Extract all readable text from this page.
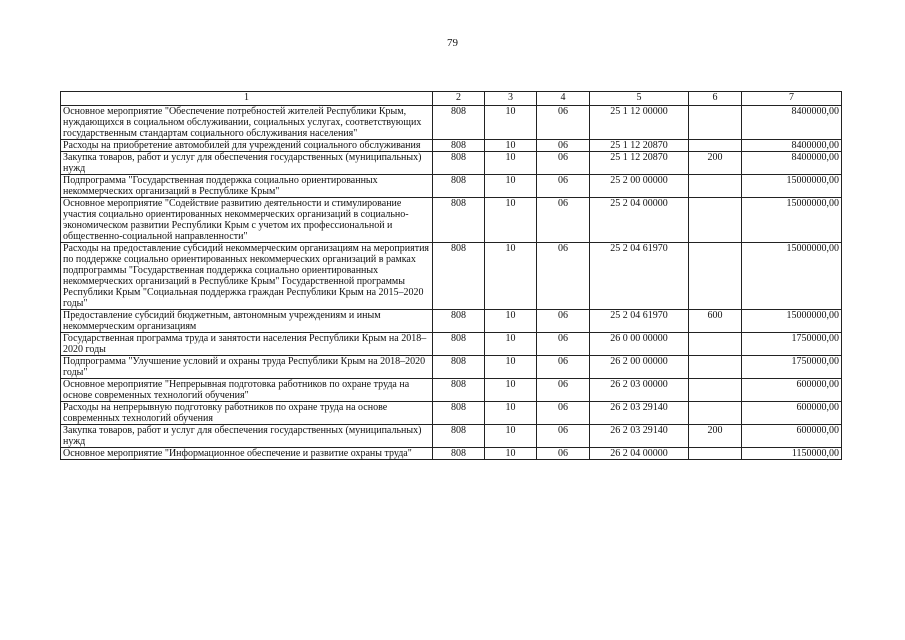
79
1	2	3	4	5	6	7
Основное мероприятие "Обеспечение потребностей жителей Республики Крым, нуждающихся в социальном обслуживании, социальных услугах, соответствующих государственным стандартам социального обслуживания населения"	808	10	06	25 1 12 00000		8400000,00
Расходы на приобретение автомобилей для учреждений социального обслуживания	808	10	06	25 1 12 20870		8400000,00
Закупка товаров, работ и услуг для обеспечения государственных (муниципальных) нужд	808	10	06	25 1 12 20870	200	8400000,00
Подпрограмма "Государственная поддержка социально ориентированных некоммерческих организаций в Республике Крым"	808	10	06	25 2 00 00000		15000000,00
Основное мероприятие "Содействие развитию деятельности и стимулирование участия социально ориентированных некоммерческих организаций в социально-экономическом развитии Республики Крым с учетом их профессиональной и общественно-социальной направленности"	808	10	06	25 2 04 00000		15000000,00
Расходы на предоставление субсидий некоммерческим организациям на мероприятия по поддержке социально ориентированных некоммерческих организаций в рамках подпрограммы "Государственная поддержка социально ориентированных некоммерческих организаций в Республике Крым" Государственной программы Республики Крым "Социальная поддержка граждан Республики Крым на 2015–2020 годы"	808	10	06	25 2 04 61970		15000000,00
Предоставление субсидий бюджетным, автономным учреждениям и иным некоммерческим организациям	808	10	06	25 2 04 61970	600	15000000,00
Государственная программа труда и занятости населения Республики Крым на 2018–2020 годы	808	10	06	26 0 00 00000		1750000,00
Подпрограмма "Улучшение условий и охраны труда Республики Крым на 2018–2020 годы"	808	10	06	26 2 00 00000		1750000,00
Основное мероприятие "Непрерывная подготовка работников по охране труда на основе современных технологий обучения"	808	10	06	26 2 03 00000		600000,00
Расходы на непрерывную подготовку работников по охране труда на основе современных технологий обучения	808	10	06	26 2 03 29140		600000,00
Закупка товаров, работ и услуг для обеспечения государственных (муниципальных) нужд	808	10	06	26 2 03 29140	200	600000,00
Основное мероприятие "Информационное обеспечение и развитие охраны труда"	808	10	06	26 2 04 00000		1150000,00
